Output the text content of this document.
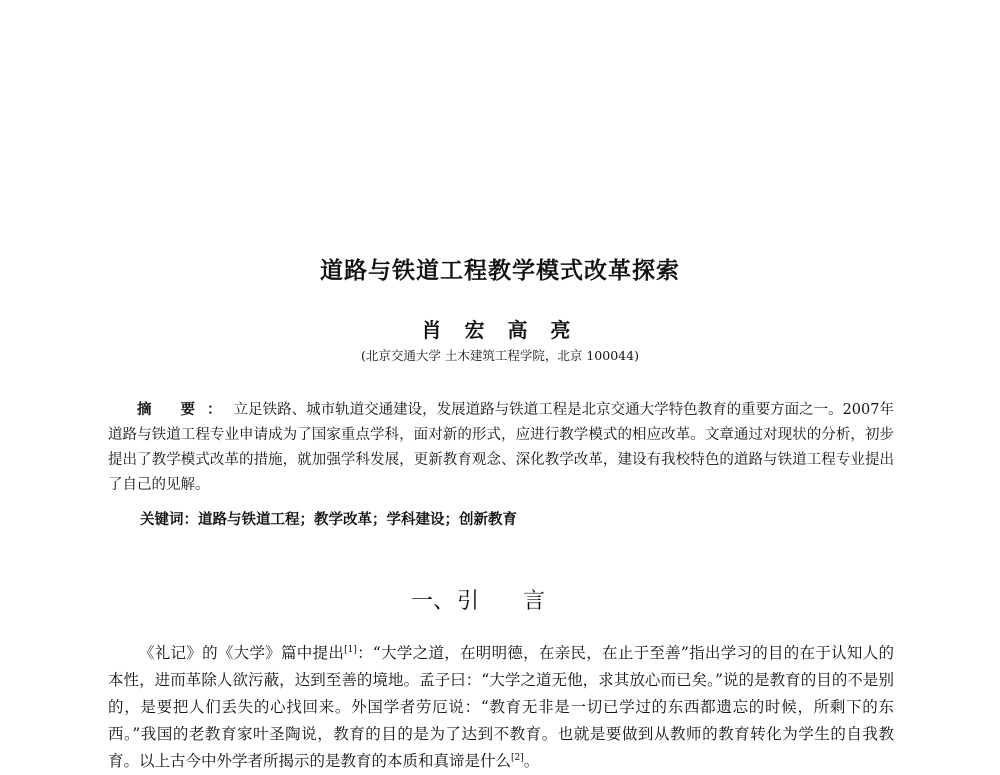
道路与铁道工程教学模式改革探索
肖 宏 高 亮
(北京交通大学 土木建筑工程学院，北京 100044)
摘 要：立足铁路、城市轨道交通建设，发展道路与铁道工程是北京交通大学特色教育的重要方面之一。2007年道路与铁道工程专业申请成为了国家重点学科，面对新的形式，应进行教学模式的相应改革。文章通过对现状的分析，初步提出了教学模式改革的措施，就加强学科发展，更新教育观念、深化教学改革，建设有我校特色的道路与铁道工程专业提出了自己的见解。
关键词：道路与铁道工程；教学改革；学科建设；创新教育
一、引言
《礼记》的《大学》篇中提出[1]：“大学之道，在明明德，在亲民，在止于至善”指出学习的目的在于认知人的本性，进而革除人欲污蔽，达到至善的境地。孟子曰：“大学之道无他，求其放心而已矣。”说的是教育的目的不是别的，是要把人们丢失的心找回来。外国学者劳厄说：“教育无非是一切已学过的东西都遗忘的时候，所剩下的东西。”我国的老教育家叶圣陶说，教育的目的是为了达到不教育。也就是要做到从教师的教育转化为学生的自我教育。以上古今中外学者所揭示的是教育的本质和真谛是什么[2]。
